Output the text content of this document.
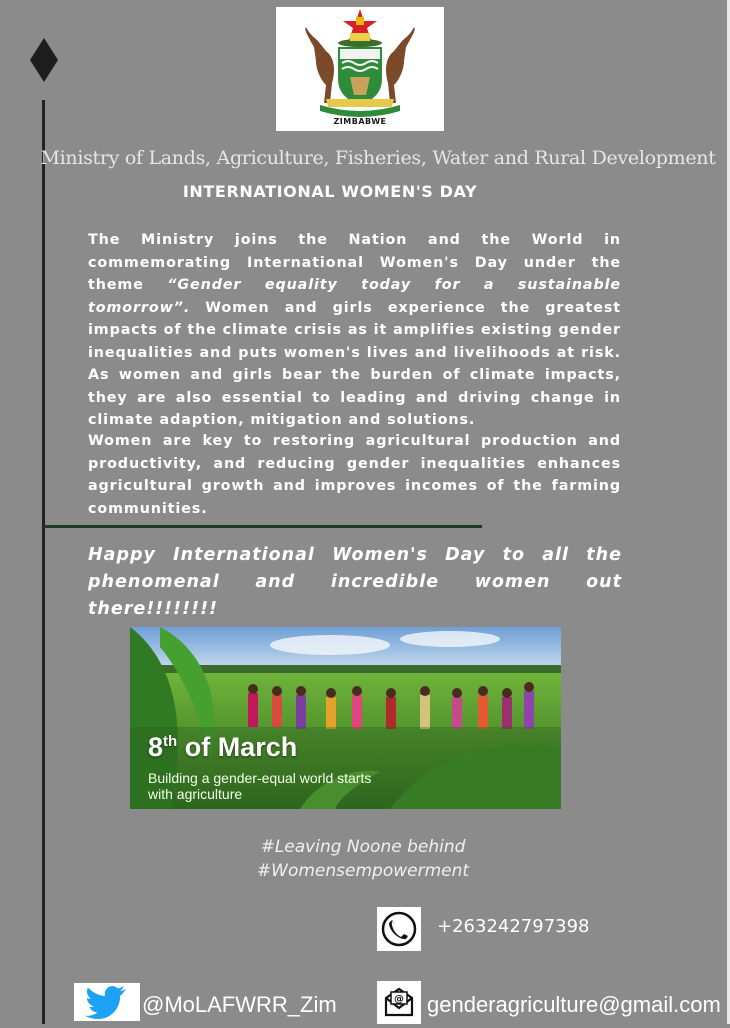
ZIMBABWE
Ministry of Lands, Agriculture, Fisheries, Water and Rural Development
INTERNATIONAL WOMEN'S DAY
The Ministry joins the Nation and the World in commemorating International Women's Day under the theme “Gender equality today for a sustainable tomorrow”. Women and girls experience the greatest impacts of the climate crisis as it amplifies existing gender inequalities and puts women's lives and livelihoods at risk. As women and girls bear the burden of climate impacts, they are also essential to leading and driving change in climate adaption, mitigation and solutions.
Women are key to restoring agricultural production and productivity, and reducing gender inequalities enhances agricultural growth and improves incomes of the farming communities.
Happy International Women's Day to all the phenomenal and incredible women out there!!!!!!!!
8th of March
Building a gender-equal world starts with agriculture
#Leaving Noone behind
#Womensempowerment
+263242797398
@MoLAFWRR_Zim	@ genderagriculture@gmail.com
